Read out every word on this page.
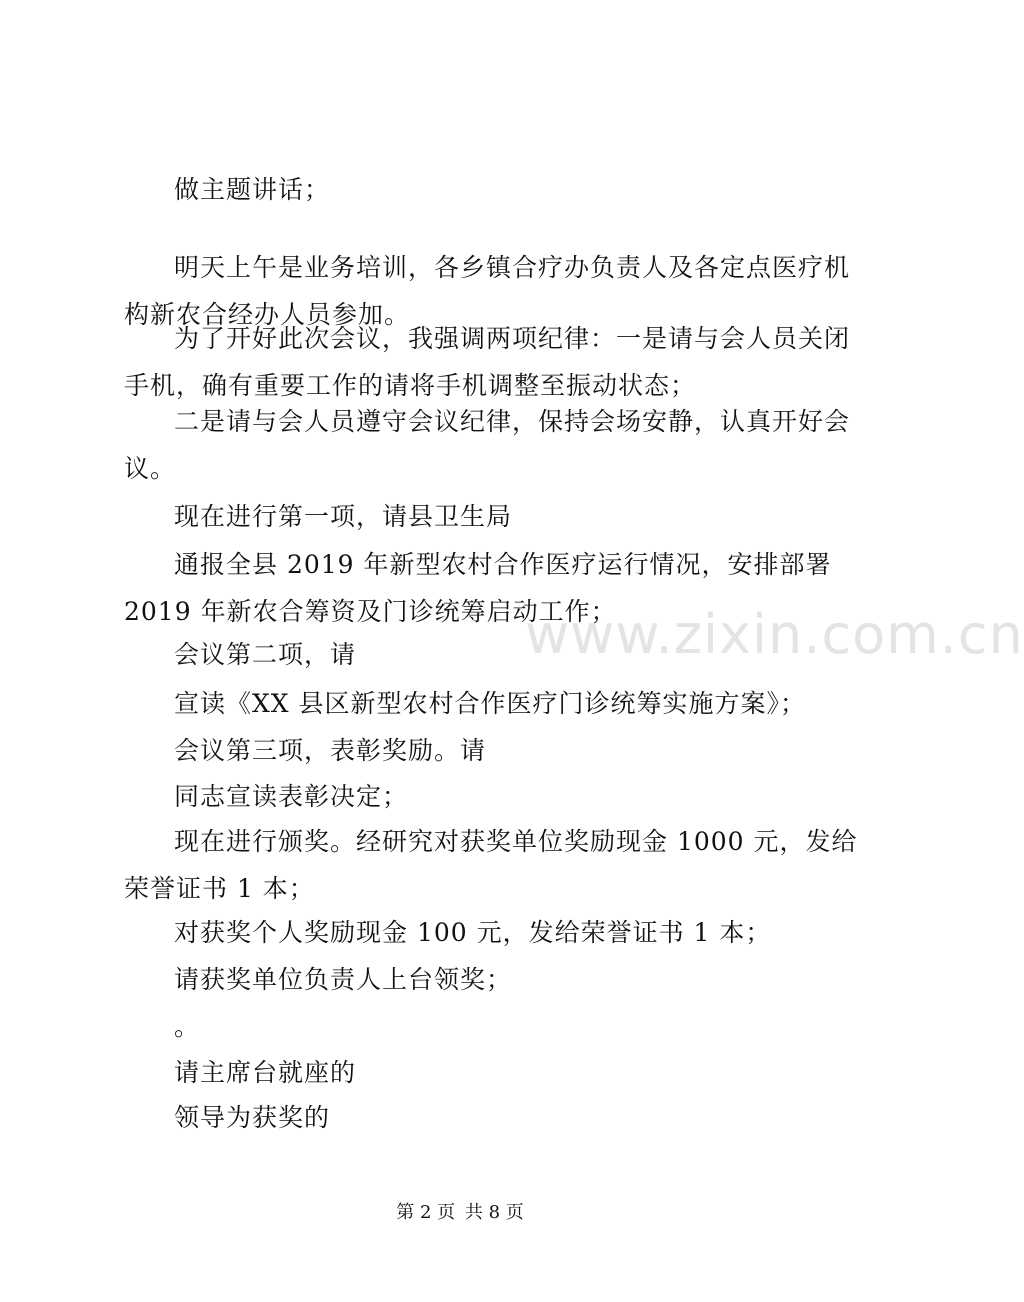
www.zixin.com.cn
做主题讲话；
明天上午是业务培训，各乡镇合疗办负责人及各定点医疗机
构新农合经办人员参加。
为了开好此次会议，我强调两项纪律：一是请与会人员关闭
手机，确有重要工作的请将手机调整至振动状态；
二是请与会人员遵守会议纪律，保持会场安静，认真开好会
议。
现在进行第一项，请县卫生局
通报全县 2019 年新型农村合作医疗运行情况，安排部署
2019 年新农合筹资及门诊统筹启动工作；
会议第二项，请
宣读《XX 县区新型农村合作医疗门诊统筹实施方案》；
会议第三项，表彰奖励。请
同志宣读表彰决定；
现在进行颁奖。经研究对获奖单位奖励现金 1000 元，发给
荣誉证书 1 本；
对获奖个人奖励现金 100 元，发给荣誉证书 1 本；
请获奖单位负责人上台领奖；
。
请主席台就座的
领导为获奖的
第 2 页 共 8 页
